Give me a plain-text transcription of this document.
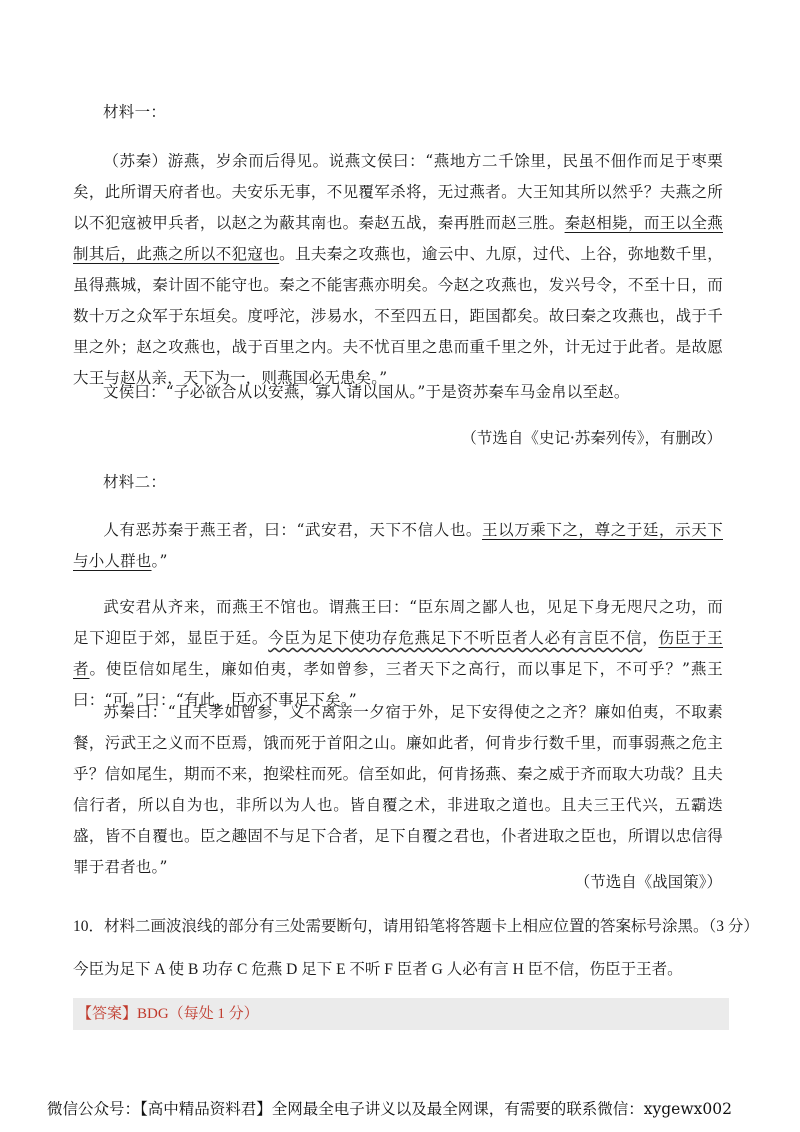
材料一：
（苏秦）游燕，岁余而后得见。说燕文侯曰：“燕地方二千馀里，民虽不佃作而足于枣栗矣，此所谓天府者也。夫安乐无事，不见覆军杀将，无过燕者。大王知其所以然乎？夫燕之所以不犯寇被甲兵者，以赵之为蔽其南也。秦赵五战，秦再胜而赵三胜。秦赵相毙，而王以全燕制其后，此燕之所以不犯寇也。且夫秦之攻燕也，逾云中、九原，过代、上谷，弥地数千里，虽得燕城，秦计固不能守也。秦之不能害燕亦明矣。今赵之攻燕也，发兴号令，不至十日，而数十万之众军于东垣矣。度呼沱，涉易水，不至四五日，距国都矣。故曰秦之攻燕也，战于千里之外；赵之攻燕也，战于百里之内。夫不忧百里之患而重千里之外，计无过于此者。是故愿大王与赵从亲，天下为一，则燕国必无患矣。”
文侯曰：“子必欲合从以安燕，寡人请以国从。”于是资苏秦车马金帛以至赵。
（节选自《史记·苏秦列传》，有删改）
材料二：
人有恶苏秦于燕王者，曰：“武安君，天下不信人也。王以万乘下之，尊之于廷，示天下与小人群也。”
武安君从齐来，而燕王不馆也。谓燕王曰：“臣东周之鄙人也，见足下身无咫尺之功，而足下迎臣于郊，显臣于廷。今臣为足下使功存危燕足下不听臣者人必有言臣不信，伤臣于王者。使臣信如尾生，廉如伯夷，孝如曾参，三者天下之高行，而以事足下，不可乎？”燕王曰：“可。”曰：“有此，臣亦不事足下矣。”
苏秦曰：“且夫孝如曾参，义不离亲一夕宿于外，足下安得使之之齐？廉如伯夷，不取素餐，污武王之义而不臣焉，饿而死于首阳之山。廉如此者，何肯步行数千里，而事弱燕之危主乎？信如尾生，期而不来，抱梁柱而死。信至如此，何肯扬燕、秦之威于齐而取大功哉？且夫信行者，所以自为也，非所以为人也。皆自覆之术，非进取之道也。且夫三王代兴，五霸迭盛，皆不自覆也。臣之趣固不与足下合者，足下自覆之君也，仆者进取之臣也，所谓以忠信得罪于君者也。”
（节选自《战国策》）
10．材料二画波浪线的部分有三处需要断句，请用铅笔将答题卡上相应位置的答案标号涂黑。（3 分）
今臣为足下 A 使 B 功存 C 危燕 D 足下 E 不听 F 臣者 G 人必有言 H 臣不信，伤臣于王者。
【答案】BDG（每处 1 分）
微信公众号：【高中精品资料君】全网最全电子讲义以及最全网课，有需要的联系微信：xygewx002
